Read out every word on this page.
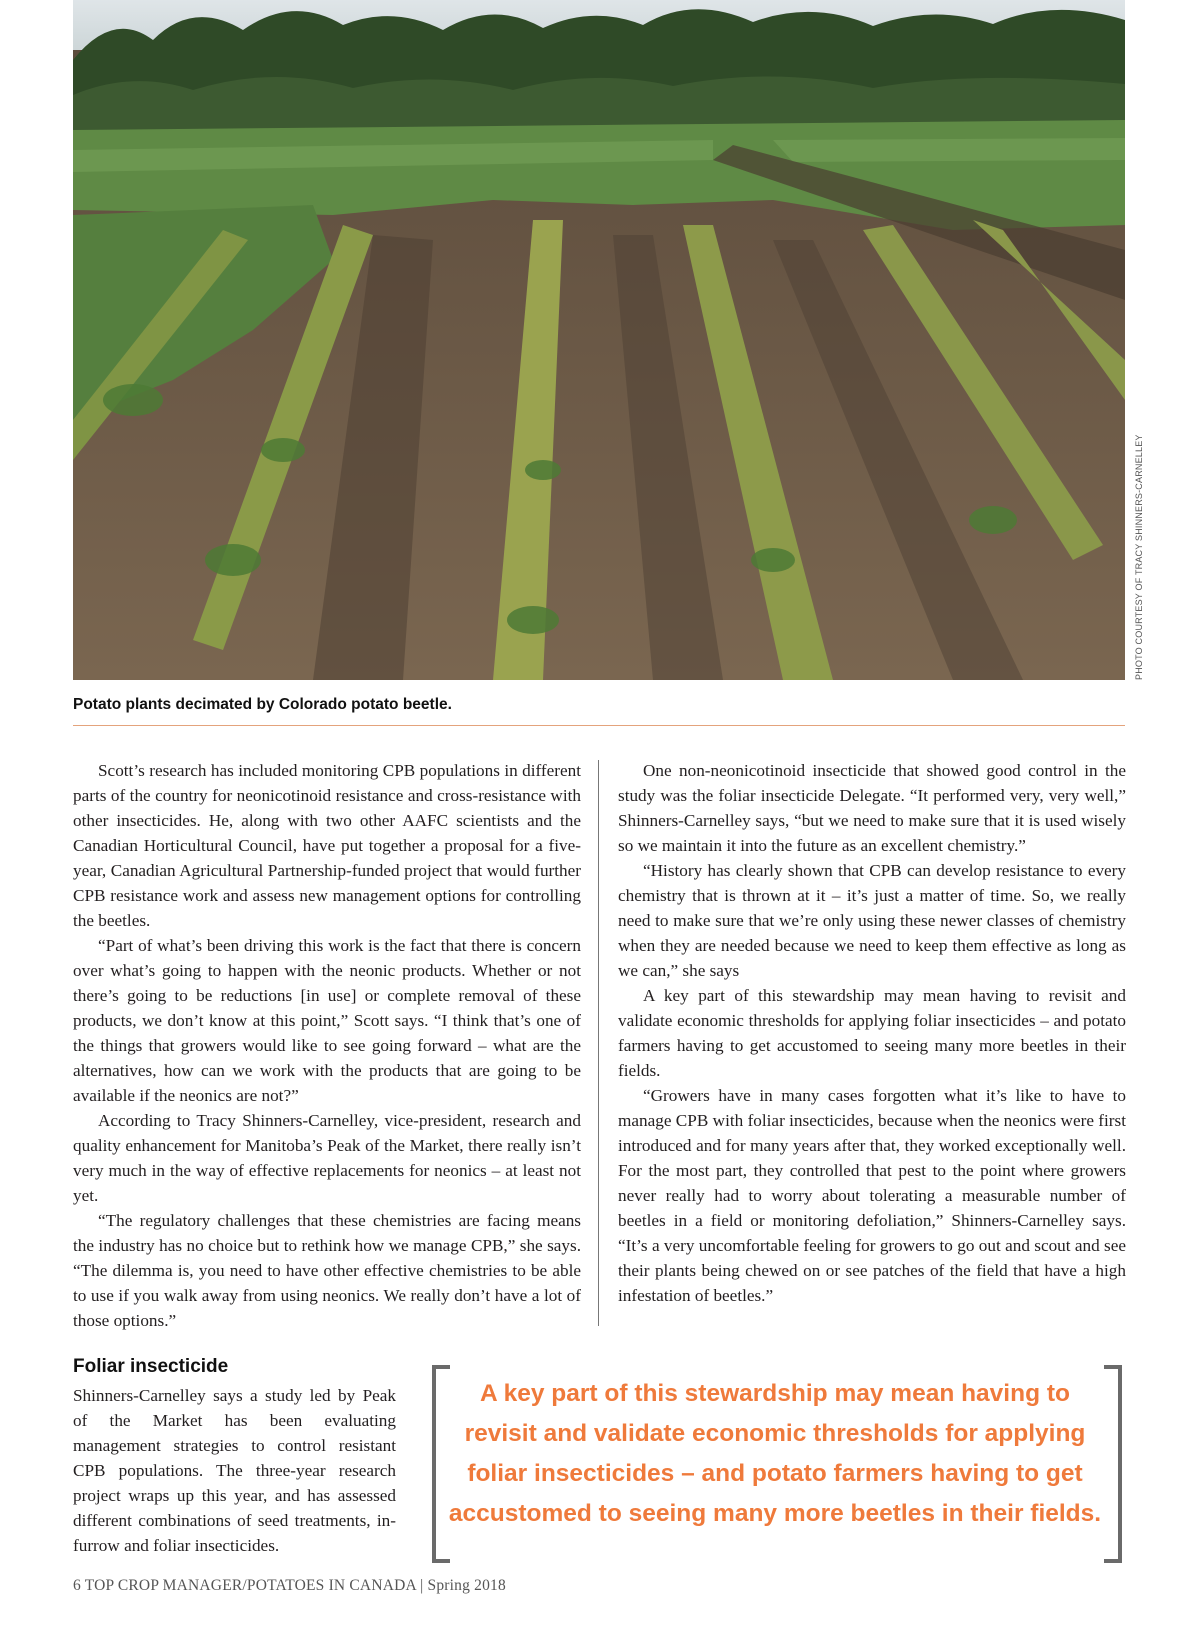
PHOTO COURTESY OF TRACY SHINNERS-CARNELLEY
Potato plants decimated by Colorado potato beetle.

Scott’s research has included monitoring CPB populations in different parts of the country for neonicotinoid resistance and cross-resistance with other insecticides. He, along with two other AAFC scientists and the Canadian Horticultural Council, have put together a proposal for a five-year, Canadian Agricultural Partnership-funded project that would further CPB resistance work and assess new management options for controlling the beetles.

“Part of what’s been driving this work is the fact that there is concern over what’s going to happen with the neonic products. Whether or not there’s going to be reductions [in use] or complete removal of these products, we don’t know at this point,” Scott says. “I think that’s one of the things that growers would like to see going forward – what are the alternatives, how can we work with the products that are going to be available if the neonics are not?”

According to Tracy Shinners-Carnelley, vice-president, research and quality enhancement for Manitoba’s Peak of the Market, there really isn’t very much in the way of effective replacements for neonics – at least not yet.

“The regulatory challenges that these chemistries are facing means the industry has no choice but to rethink how we manage CPB,” she says. “The dilemma is, you need to have other effective chemistries to be able to use if you walk away from using neonics. We really don’t have a lot of those options.”

One non-neonicotinoid insecticide that showed good control in the study was the foliar insecticide Delegate. “It performed very, very well,” Shinners-Carnelley says, “but we need to make sure that it is used wisely so we maintain it into the future as an excellent chemistry.”

“History has clearly shown that CPB can develop resistance to every chemistry that is thrown at it – it’s just a matter of time. So, we really need to make sure that we’re only using these newer classes of chemistry when they are needed because we need to keep them effective as long as we can,” she says

A key part of this stewardship may mean having to revisit and validate economic thresholds for applying foliar insecticides – and potato farmers having to get accustomed to seeing many more beetles in their fields.

“Growers have in many cases forgotten what it’s like to have to manage CPB with foliar insecticides, because when the neonics were first introduced and for many years after that, they worked exceptionally well. For the most part, they controlled that pest to the point where growers never really had to worry about tolerating a measurable number of beetles in a field or monitoring defoliation,” Shinners-Carnelley says. “It’s a very uncomfortable feeling for growers to go out and scout and see their plants being chewed on or see patches of the field that have a high infestation of beetles.”

Foliar insecticide

Shinners-Carnelley says a study led by Peak of the Market has been evaluating management strategies to control resistant CPB populations. The three-year research project wraps up this year, and has assessed different combinations of seed treatments, in-furrow and foliar insecticides.

A key part of this stewardship may mean having to
revisit and validate economic thresholds for applying
foliar insecticides – and potato farmers having to get
accustomed to seeing many more beetles in their fields.
6 TOP CROP MANAGER/POTATOES IN CANADA | Spring 2018
